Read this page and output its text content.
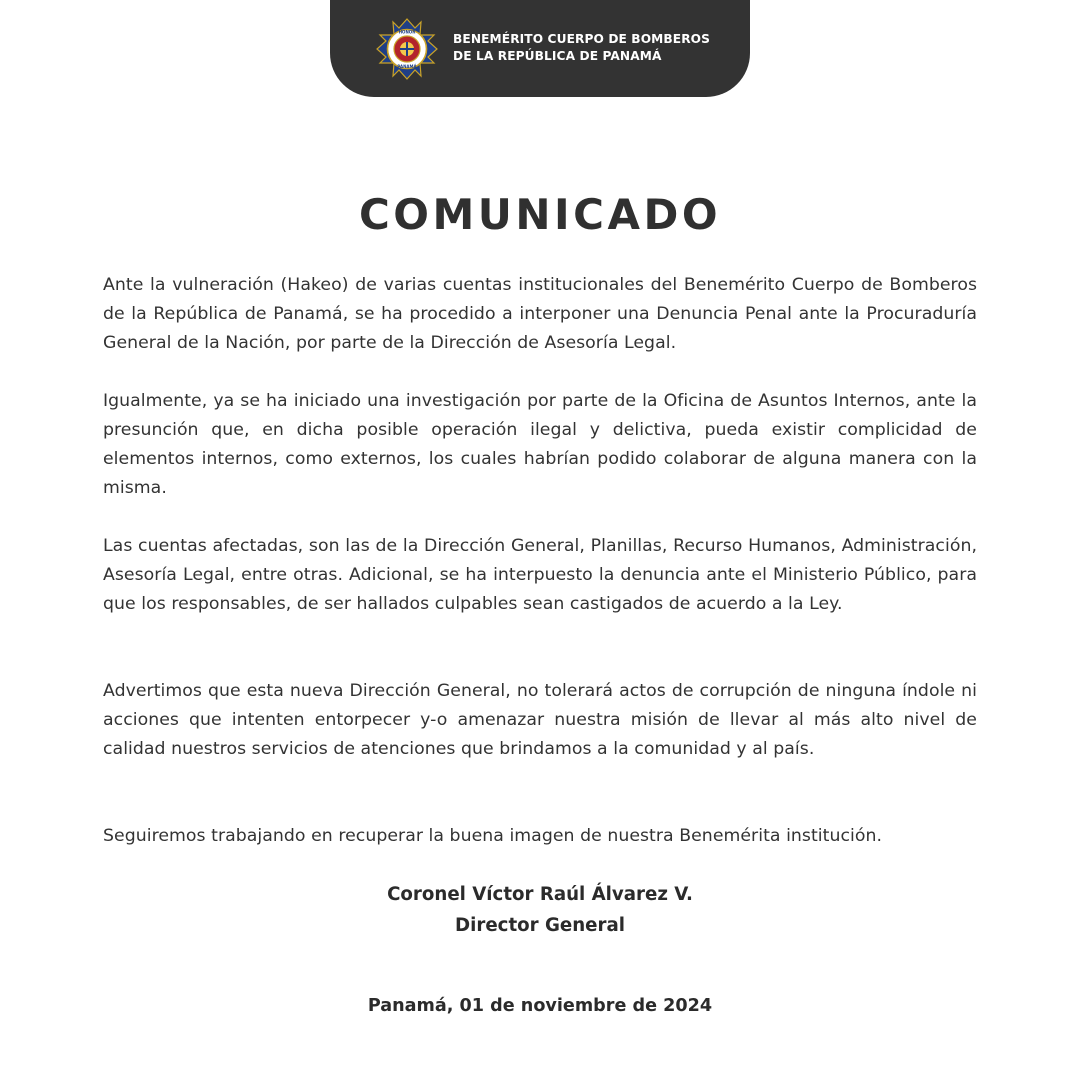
HONOR
PANAMÁ
BENEMÉRITO CUERPO DE BOMBEROS
DE LA REPÚBLICA DE PANAMÁ
COMUNICADO

Ante la vulneración (Hakeo) de varias cuentas institucionales del Benemérito Cuerpo de Bomberos de la República de Panamá, se ha procedido a interponer una Denuncia Penal ante la Procuraduría General de la Nación, por parte de la Dirección de Asesoría Legal.

Igualmente, ya se ha iniciado una investigación por parte de la Oficina de Asuntos Internos, ante la presunción que, en dicha posible operación ilegal y delictiva, pueda existir complicidad de elementos internos, como externos, los cuales habrían podido colaborar de alguna manera con la misma.

Las cuentas afectadas, son las de la Dirección General, Planillas, Recurso Humanos, Administración, Asesoría Legal, entre otras. Adicional, se ha interpuesto la denuncia ante el Ministerio Público, para que los responsables, de ser hallados culpables sean castigados de acuerdo a la Ley.

Advertimos que esta nueva Dirección General, no tolerará actos de corrupción de ninguna índole ni acciones que intenten entorpecer y-o amenazar nuestra misión de llevar al más alto nivel de calidad nuestros servicios de atenciones que brindamos a la comunidad y al país.

Seguiremos trabajando en recuperar la buena imagen de nuestra Benemérita institución.

Coronel Víctor Raúl Álvarez V.
Director General

Panamá, 01 de noviembre de 2024
